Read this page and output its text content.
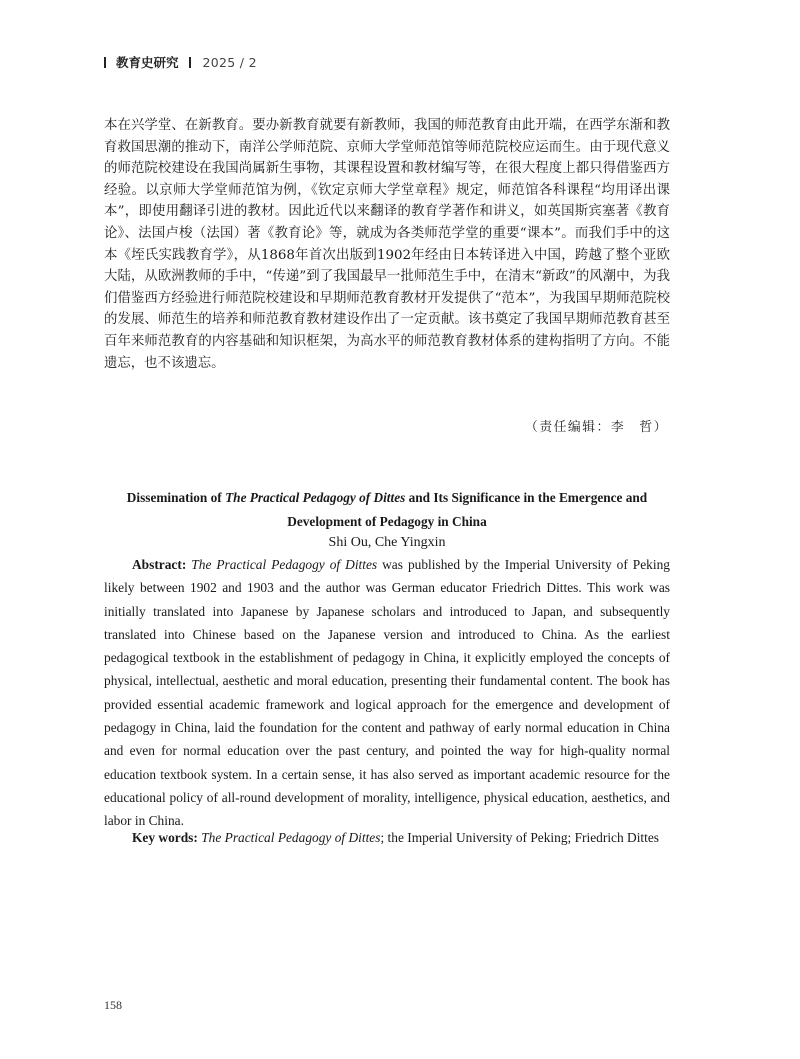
教育史研究 2025 / 2

本在兴学堂、在新教育。要办新教育就要有新教师，我国的师范教育由此开端，在西学东渐和教育救国思潮的推动下，南洋公学师范院、京师大学堂师范馆等师范院校应运而生。由于现代意义的师范院校建设在我国尚属新生事物，其课程设置和教材编写等，在很大程度上都只得借鉴西方经验。以京师大学堂师范馆为例，《钦定京师大学堂章程》规定，师范馆各科课程“均用译出课本”，即使用翻译引进的教材。因此近代以来翻译的教育学著作和讲义，如英国斯宾塞著《教育论》、法国卢梭（法国）著《教育论》等，就成为各类师范学堂的重要“课本”。而我们手中的这本《垤氏实践教育学》，从1868年首次出版到1902年经由日本转译进入中国，跨越了整个亚欧大陆，从欧洲教师的手中，“传递”到了我国最早一批师范生手中，在清末“新政”的风潮中，为我们借鉴西方经验进行师范院校建设和早期师范教育教材开发提供了“范本”，为我国早期师范院校的发展、师范生的培养和师范教育教材建设作出了一定贡献。该书奠定了我国早期师范教育甚至百年来师范教育的内容基础和知识框架，为高水平的师范教育教材体系的建构指明了方向。不能遗忘，也不该遗忘。

（责任编辑：李　哲）
Dissemination of The Practical Pedagogy of Dittes and Its Significance in the Emergence and Development of Pedagogy in China
Shi Ou, Che Yingxin

Abstract: The Practical Pedagogy of Dittes was published by the Imperial University of Peking likely between 1902 and 1903 and the author was German educator Friedrich Dittes. This work was initially translated into Japanese by Japanese scholars and introduced to Japan, and subsequently translated into Chinese based on the Japanese version and introduced to China. As the earliest pedagogical textbook in the establishment of pedagogy in China, it explicitly employed the concepts of physical, intellectual, aesthetic and moral education, presenting their fundamental content. The book has provided essential academic framework and logical approach for the emergence and development of pedagogy in China, laid the foundation for the content and pathway of early normal education in China and even for normal education over the past century, and pointed the way for high-quality normal education textbook system. In a certain sense, it has also served as important academic resource for the educational policy of all-round development of morality, intelligence, physical education, aesthetics, and labor in China.

Key words: The Practical Pedagogy of Dittes; the Imperial University of Peking; Friedrich Dittes

158
